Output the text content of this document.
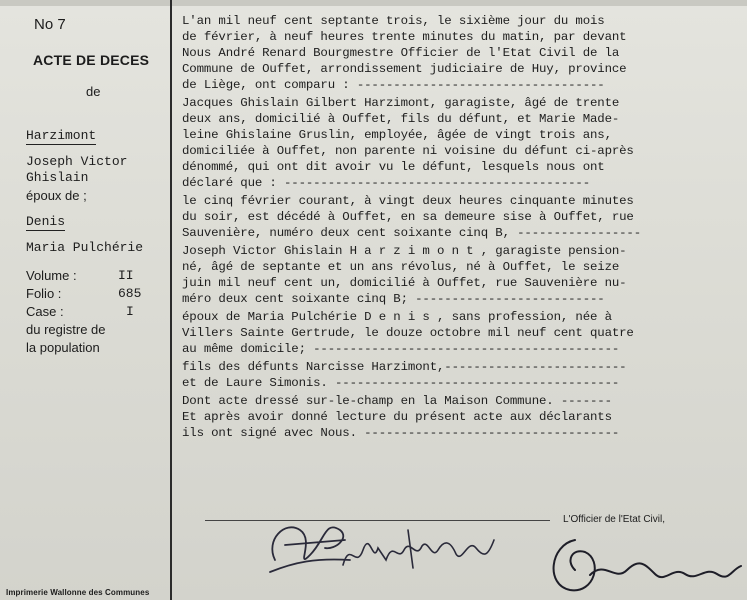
No 7
ACTE DE DECES
de
Harzimont
Joseph Victor
Ghislain
époux de ;
Denis
Maria Pulchérie
Volume :	II
Folio :	685
Case :	I
du registre de
la population
Imprimerie Wallonne des Communes
L'an mil neuf cent septante trois, le sixième jour du mois
de février, à neuf heures trente minutes du matin, par devant
Nous André Renard Bourgmestre Officier de l'Etat Civil de la
Commune de Ouffet, arrondissement judiciaire de Huy, province
de Liège, ont comparu : ----------------------------------
Jacques Ghislain Gilbert Harzimont, garagiste, âgé de trente
deux ans, domicilié à Ouffet, fils du défunt, et Marie Made-
leine Ghislaine Gruslin, employée, âgée de vingt trois ans,
domiciliée à Ouffet, non parente ni voisine du défunt ci-après
dénommé, qui ont dit avoir vu le défunt, lesquels nous ont
déclaré que : ------------------------------------------
le cinq février courant, à vingt deux heures cinquante minutes
du soir, est décédé à Ouffet, en sa demeure sise à Ouffet, rue
Sauvenière, numéro deux cent soixante cinq B, -----------------
Joseph Victor Ghislain H a r z i m o n t , garagiste pension-
né, âgé de septante et un ans révolus, né à Ouffet, le seize
juin mil neuf cent un, domicilié à Ouffet, rue Sauvenière nu-
méro deux cent soixante cinq B; --------------------------
époux de Maria Pulchérie D e n i s , sans profession, née à
Villers Sainte Gertrude, le douze octobre mil neuf cent quatre
au même domicile; ------------------------------------------
fils des défunts Narcisse Harzimont,-------------------------
et de Laure Simonis. ---------------------------------------
Dont acte dressé sur-le-champ en la Maison Commune. -------
Et après avoir donné lecture du présent acte aux déclarants
ils ont signé avec Nous. -----------------------------------
L'Officier de l'Etat Civil,
